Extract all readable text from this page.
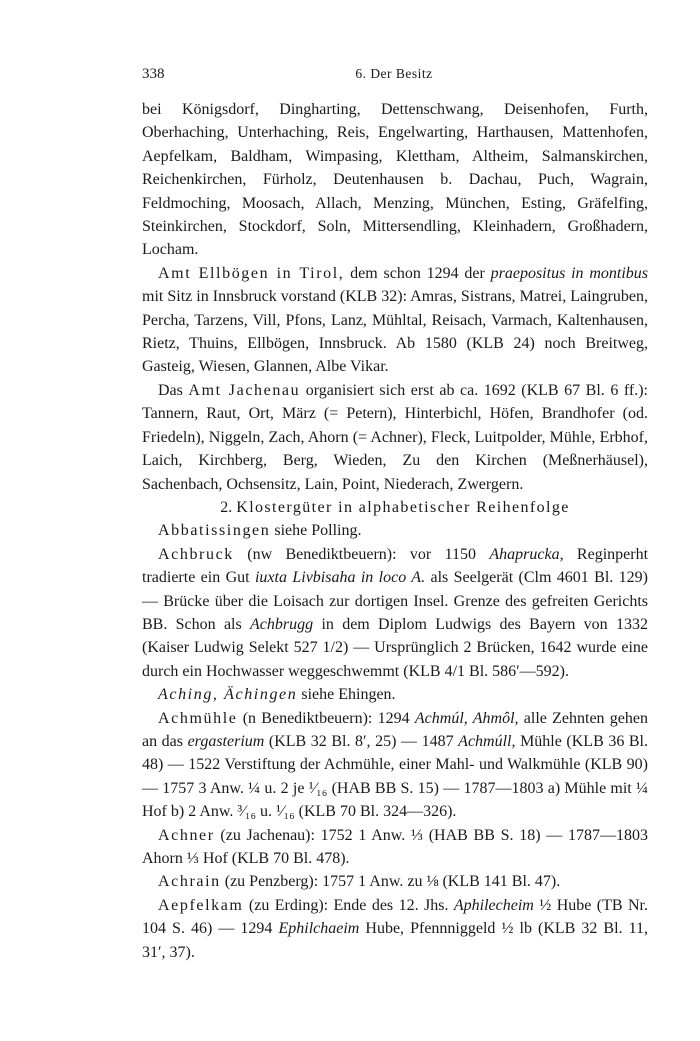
338	6. Der Besitz

bei Königsdorf, Dingharting, Dettenschwang, Deisenhofen, Furth, Oberhaching, Unterhaching, Reis, Engelwarting, Harthausen, Mattenhofen, Aepfelkam, Baldham, Wimpasing, Klettham, Altheim, Salmanskirchen, Reichenkirchen, Fürholz, Deutenhausen b. Dachau, Puch, Wagrain, Feldmoching, Moosach, Allach, Menzing, München, Esting, Gräfelfing, Steinkirchen, Stockdorf, Soln, Mittersendling, Kleinhadern, Großhadern, Locham.

Amt Ellbögen in Tirol, dem schon 1294 der praepositus in montibus mit Sitz in Innsbruck vorstand (KLB 32): Amras, Sistrans, Matrei, Laingruben, Percha, Tarzens, Vill, Pfons, Lanz, Mühltal, Reisach, Varmach, Kaltenhausen, Rietz, Thuins, Ellbögen, Innsbruck. Ab 1580 (KLB 24) noch Breitweg, Gasteig, Wiesen, Glannen, Albe Vikar.

Das Amt Jachenau organisiert sich erst ab ca. 1692 (KLB 67 Bl. 6 ff.): Tannern, Raut, Ort, März (= Petern), Hinterbichl, Höfen, Brandhofer (od. Friedeln), Niggeln, Zach, Ahorn (= Achner), Fleck, Luitpolder, Mühle, Erbhof, Laich, Kirchberg, Berg, Wieden, Zu den Kirchen (Meßnerhäusel), Sachenbach, Ochsensitz, Lain, Point, Niederach, Zwergern.

2. Klostergüter in alphabetischer Reihenfolge

Abbatissingen siehe Polling.

Achbruck (nw Benediktbeuern): vor 1150 Ahaprucka, Reginperht tradierte ein Gut iuxta Livbisaha in loco A. als Seelgerät (Clm 4601 Bl. 129) — Brücke über die Loisach zur dortigen Insel. Grenze des gefreiten Gerichts BB. Schon als Achbrugg in dem Diplom Ludwigs des Bayern von 1332 (Kaiser Ludwig Selekt 527 1/2) — Ursprünglich 2 Brücken, 1642 wurde eine durch ein Hochwasser weggeschwemmt (KLB 4/1 Bl. 586′—592).

Aching, Ächingen siehe Ehingen.

Achmühle (n Benediktbeuern): 1294 Achmúl, Ahmôl, alle Zehnten gehen an das ergasterium (KLB 32 Bl. 8′, 25) — 1487 Achmúll, Mühle (KLB 36 Bl. 48) — 1522 Verstiftung der Achmühle, einer Mahl- und Walkmühle (KLB 90) — 1757 3 Anw. ¼ u. 2 je ¹⁄₁₆ (HAB BB S. 15) — 1787—1803 a) Mühle mit ¼ Hof b) 2 Anw. ³⁄₁₆ u. ¹⁄₁₆ (KLB 70 Bl. 324—326).

Achner (zu Jachenau): 1752 1 Anw. ⅓ (HAB BB S. 18) — 1787—1803 Ahorn ⅓ Hof (KLB 70 Bl. 478).

Achrain (zu Penzberg): 1757 1 Anw. zu ⅛ (KLB 141 Bl. 47).

Aepfelkam (zu Erding): Ende des 12. Jhs. Aphilecheim ½ Hube (TB Nr. 104 S. 46) — 1294 Ephilchaeim Hube, Pfennniggeld ½ lb (KLB 32 Bl. 11, 31′, 37).
